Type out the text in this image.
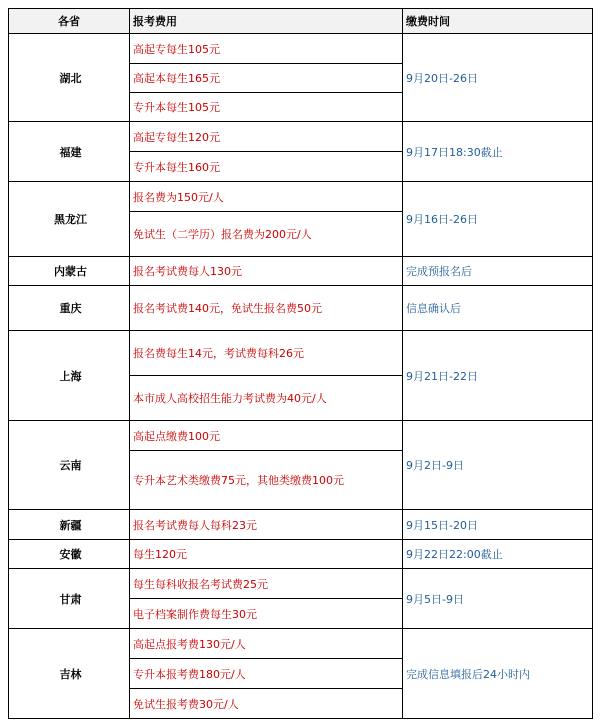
各省	报考费用	缴费时间
湖北	高起专每生105元	9月20日-26日
	高起本每生165元	
	专升本每生105元	
福建	高起专每生120元	9月17日18:30截止
	专升本每生160元	
黑龙江	报名费为150元/人	9月16日-26日
	免试生（二学历）报名费为200元/人	
内蒙古	报名考试费每人130元	完成预报名后
重庆	报名考试费140元，免试生报名费50元	信息确认后
上海	报名费每生14元，考试费每科26元	9月21日-22日
	本市成人高校招生能力考试费为40元/人	
云南	高起点缴费100元	9月2日-9日
	专升本艺术类缴费75元，其他类缴费100元	
新疆	报名考试费每人每科23元	9月15日-20日
安徽	每生120元	9月22日22:00截止
甘肃	每生每科收报名考试费25元	9月5日-9日
	电子档案制作费每生30元	
吉林	高起点报考费130元/人	完成信息填报后24小时内
	专升本报考费180元/人	
	免试生报考费30元/人	
